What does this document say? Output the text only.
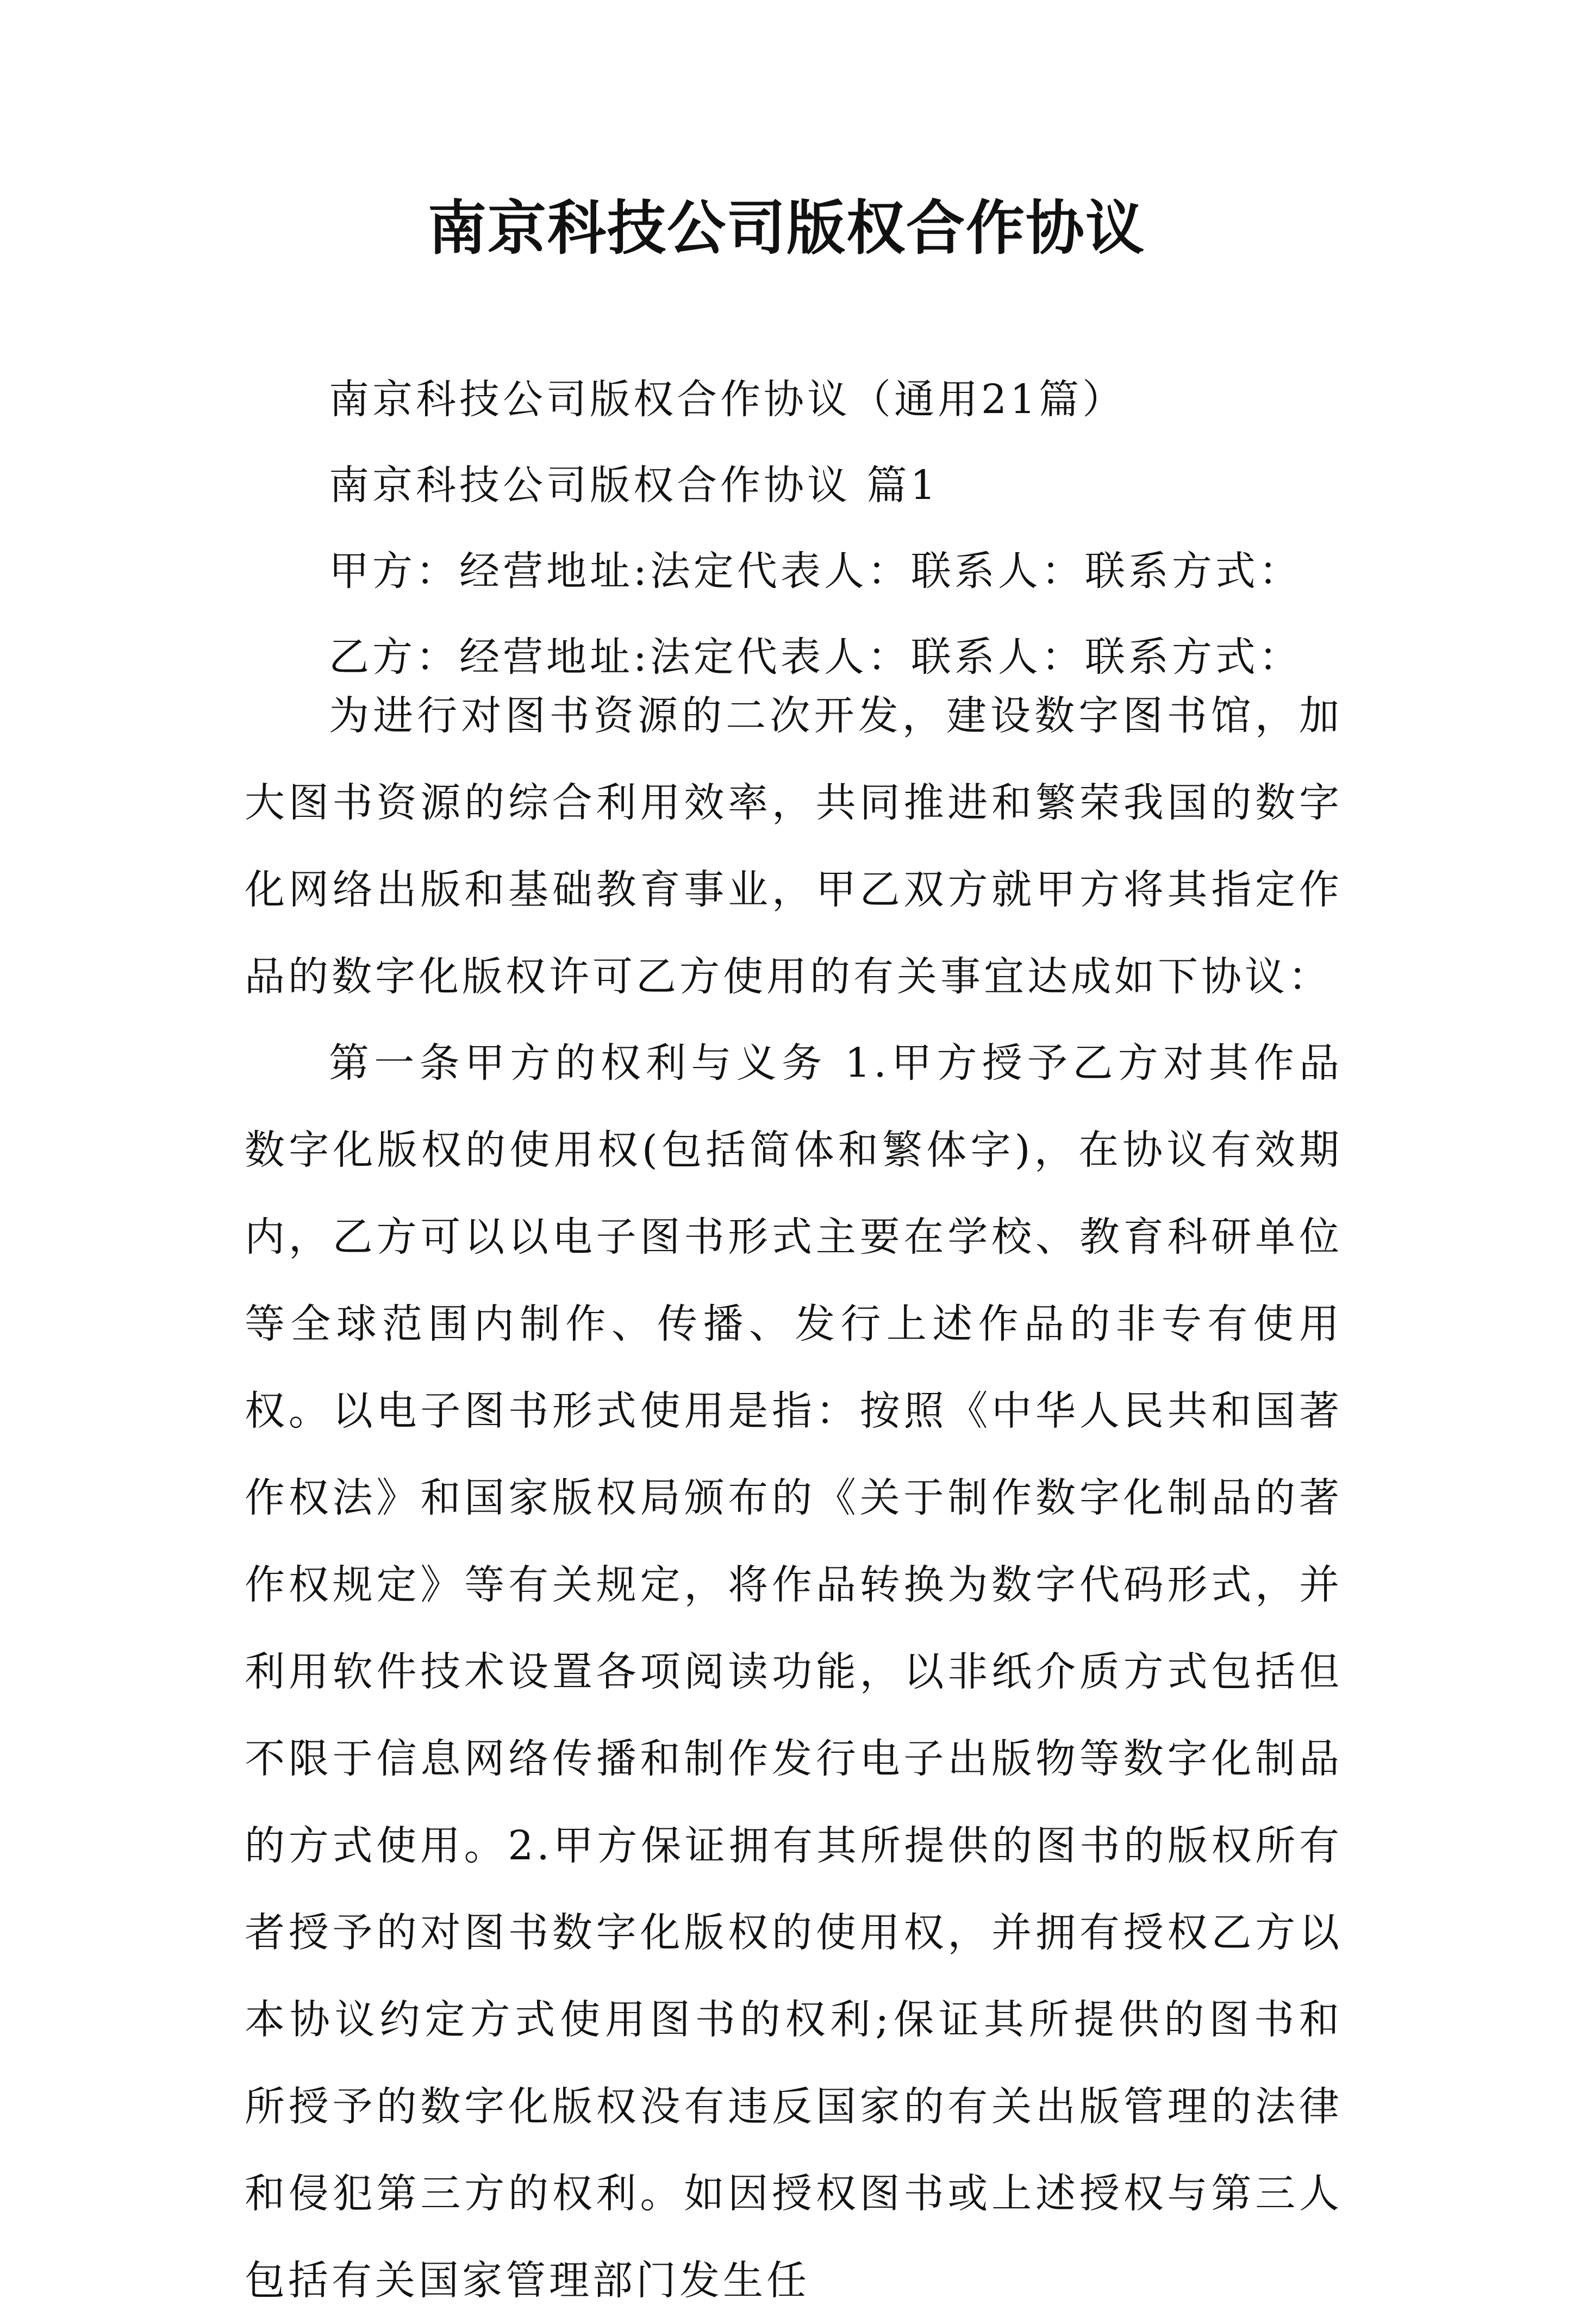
南京科技公司版权合作协议

南京科技公司版权合作协议（通用21篇）

南京科技公司版权合作协议 篇1

甲方：经营地址:法定代表人：联系人：联系方式：

乙方：经营地址:法定代表人：联系人：联系方式：

为进行对图书资源的二次开发，建设数字图书馆，加大图书资源的综合利用效率，共同推进和繁荣我国的数字化网络出版和基础教育事业，甲乙双方就甲方将其指定作品的数字化版权许可乙方使用的有关事宜达成如下协议：

第一条甲方的权利与义务 1.甲方授予乙方对其作品数字化版权的使用权(包括简体和繁体字)，在协议有效期内，乙方可以以电子图书形式主要在学校、教育科研单位等全球范围内制作、传播、发行上述作品的非专有使用权。以电子图书形式使用是指：按照《中华人民共和国著作权法》和国家版权局颁布的《关于制作数字化制品的著作权规定》等有关规定，将作品转换为数字代码形式，并利用软件技术设置各项阅读功能，以非纸介质方式包括但不限于信息网络传播和制作发行电子出版物等数字化制品的方式使用。2.甲方保证拥有其所提供的图书的版权所有者授予的对图书数字化版权的使用权，并拥有授权乙方以本协议约定方式使用图书的权利;保证其所提供的图书和所授予的数字化版权没有违反国家的有关出版管理的法律和侵犯第三方的权利。如因授权图书或上述授权与第三人包括有关国家管理部门发生任
